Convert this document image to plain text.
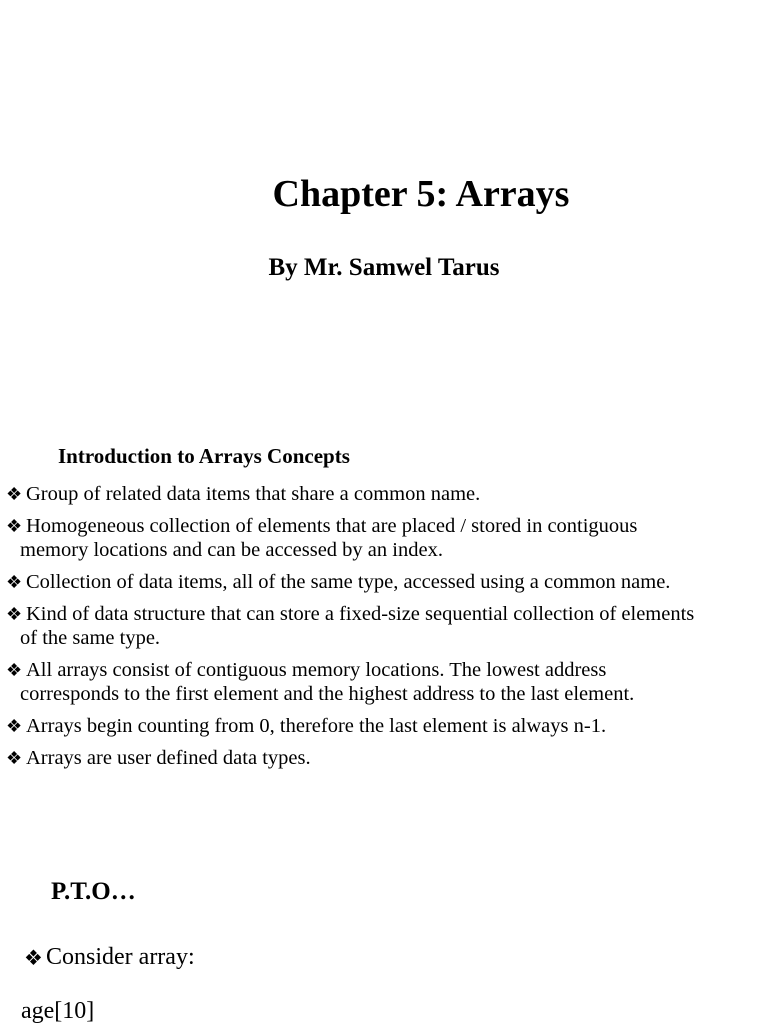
Chapter 5: Arrays
By Mr. Samwel Tarus
Introduction to Arrays Concepts
❖ Group of related data items that share a common name.
❖ Homogeneous collection of elements that are placed / stored in contiguous
memory locations and can be accessed by an index.
❖ Collection of data items, all of the same type, accessed using a common name.
❖ Kind of data structure that can store a fixed-size sequential collection of elements
of the same type.
❖ All arrays consist of contiguous memory locations. The lowest address
corresponds to the first element and the highest address to the last element.
❖ Arrays begin counting from 0, therefore the last element is always n-1.
❖ Arrays are user defined data types.
P.T.O…
❖ Consider array:
age[10]
